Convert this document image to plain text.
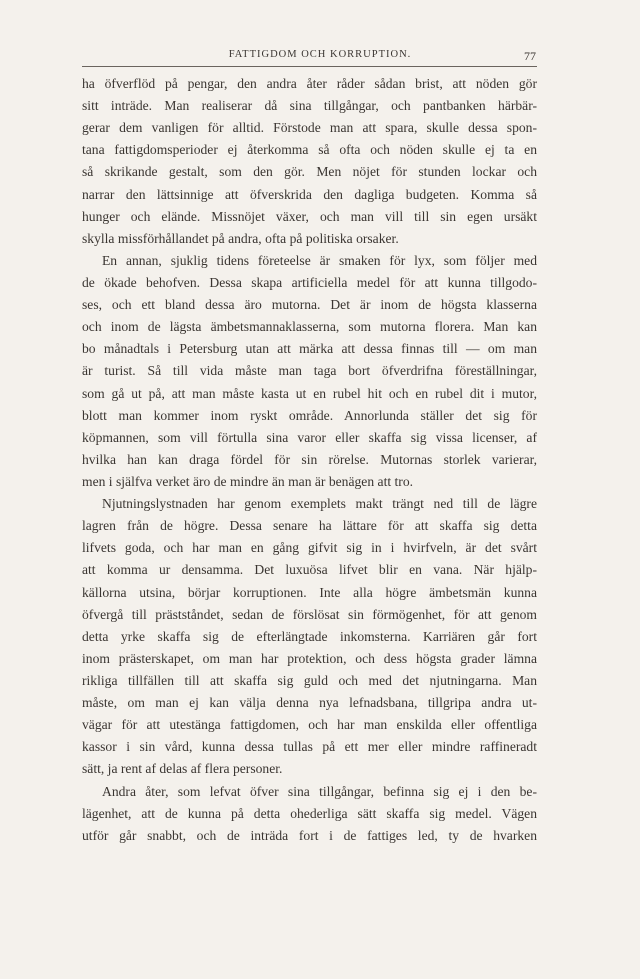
FATTIGDOM OCH KORRUPTION.	77
ha öfverflöd på pengar, den andra åter råder sådan brist, att nöden gör
sitt inträde. Man realiserar då sina tillgångar, och pantbanken härbär-
gerar dem vanligen för alltid. Förstode man att spara, skulle dessa spon-
tana fattigdomsperioder ej återkomma så ofta och nöden skulle ej ta en
så skrikande gestalt, som den gör. Men nöjet för stunden lockar och
narrar den lättsinnige att öfverskrida den dagliga budgeten. Komma så
hunger och elände. Missnöjet växer, och man vill till sin egen ursäkt
skylla missförhållandet på andra, ofta på politiska orsaker.
En annan, sjuklig tidens företeelse är smaken för lyx, som följer med
de ökade behofven. Dessa skapa artificiella medel för att kunna tillgodo-
ses, och ett bland dessa äro mutorna. Det är inom de högsta klasserna
och inom de lägsta ämbetsmannaklasserna, som mutorna florera. Man kan
bo månadtals i Petersburg utan att märka att dessa finnas till — om man
är turist. Så till vida måste man taga bort öfverdrifna föreställningar,
som gå ut på, att man måste kasta ut en rubel hit och en rubel dit i mutor,
blott man kommer inom ryskt område. Annorlunda ställer det sig för
köpmannen, som vill förtulla sina varor eller skaffa sig vissa licenser, af
hvilka han kan draga fördel för sin rörelse. Mutornas storlek varierar,
men i själfva verket äro de mindre än man är benägen att tro.
Njutningslystnaden har genom exemplets makt trängt ned till de lägre
lagren från de högre. Dessa senare ha lättare för att skaffa sig detta
lifvets goda, och har man en gång gifvit sig in i hvirfveln, är det svårt
att komma ur densamma. Det luxuösa lifvet blir en vana. När hjälp-
källorna utsina, börjar korruptionen. Inte alla högre ämbetsmän kunna
öfvergå till prästståndet, sedan de förslösat sin förmögenhet, för att genom
detta yrke skaffa sig de efterlängtade inkomsterna. Karriären går fort
inom prästerskapet, om man har protektion, och dess högsta grader lämna
rikliga tillfällen till att skaffa sig guld och med det njutningarna. Man
måste, om man ej kan välja denna nya lefnadsbana, tillgripa andra ut-
vägar för att utestänga fattigdomen, och har man enskilda eller offentliga
kassor i sin vård, kunna dessa tullas på ett mer eller mindre raffineradt
sätt, ja rent af delas af flera personer.
Andra åter, som lefvat öfver sina tillgångar, befinna sig ej i den be-
lägenhet, att de kunna på detta ohederliga sätt skaffa sig medel. Vägen
utför går snabbt, och de inträda fort i de fattiges led, ty de hvarken
